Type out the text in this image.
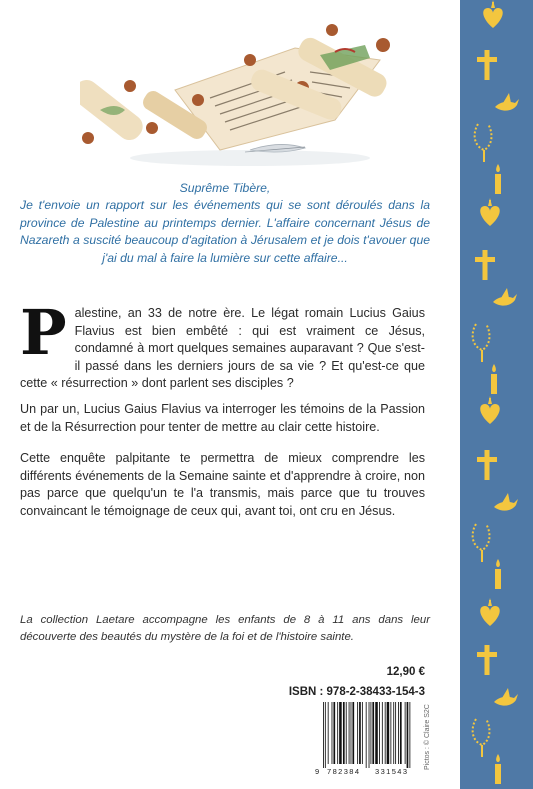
Suprême Tibère,

Je t'envoie un rapport sur les événements qui se sont déroulés dans la province de Palestine au printemps dernier. L'affaire concernant Jésus de Nazareth a suscité beaucoup d'agitation à Jérusalem et je dois t'avouer que j'ai du mal à faire la lumière sur cette affaire...

Palestine, an 33 de notre ère. Le légat romain Lucius Gaius Flavius est bien embêté : qui est vraiment ce Jésus, condamné à mort quelques semaines auparavant ? Que s'est-il passé dans les derniers jours de sa vie ? Et qu'est-ce que cette « résurrection » dont parlent ses disciples ?

Un par un, Lucius Gaius Flavius va interroger les témoins de la Passion et de la Résurrection pour tenter de mettre au clair cette histoire.

Cette enquête palpitante te permettra de mieux comprendre les différents événements de la Semaine sainte et d'apprendre à croire, non pas parce que quelqu'un te l'a transmis, mais parce que tu trouves convaincant le témoignage de ceux qui, avant toi, ont cru en Jésus.

La collection Laetare accompagne les enfants de 8 à 11 ans dans leur découverte des beautés du mystère de la foi et de l'histoire sainte.
12,90 €
ISBN : 978-2-38433-154-3
9 782384 331543
Pictos : © Claire S2C
